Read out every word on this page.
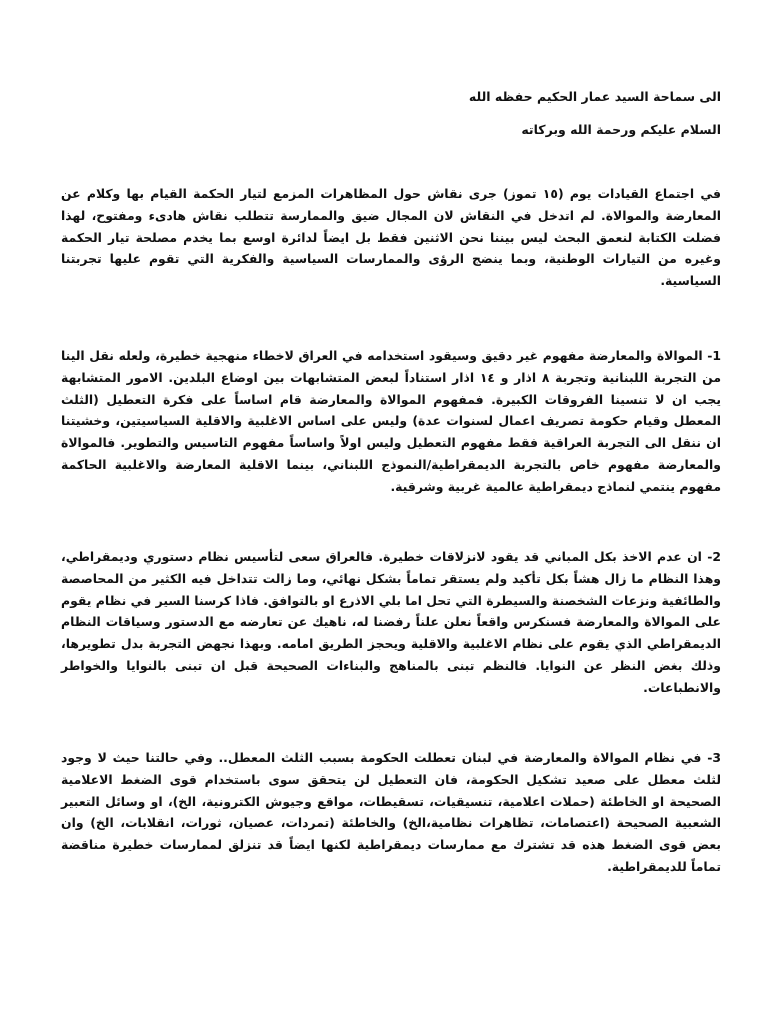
الى سماحة السيد عمار الحكيم حفظه الله
السلام عليكم ورحمة الله وبركاته

في اجتماع القيادات يوم (١٥ تموز) جرى نقاش حول المظاهرات المزمع لتيار الحكمة القيام بها وكلام عن المعارضة والموالاة. لم اتدخل في النقاش لان المجال ضيق والممارسة تتطلب نقاش هادىء ومفتوح، لهذا فضلت الكتابة لنعمق البحث ليس بيننا نحن الاثنين فقط بل ايضاً لدائرة اوسع بما يخدم مصلحة تيار الحكمة وغيره من التيارات الوطنية، وبما ينضج الرؤى والممارسات السياسية والفكرية التي تقوم عليها تجربتنا السياسية.

1- الموالاة والمعارضة مفهوم غير دقيق وسيقود استخدامه في العراق لاخطاء منهجية خطيرة، ولعله نقل الينا من التجربة اللبنانية وتجربة ٨ اذار و ١٤ اذار استناداً لبعض المتشابهات بين اوضاع البلدين. الامور المتشابهة يجب ان لا تنسينا الفروقات الكبيرة. فمفهوم الموالاة والمعارضة قام اساساً على فكرة التعطيل (الثلث المعطل وقيام حكومة تصريف اعمال لسنوات عدة) وليس على اساس الاغلبية والاقلية السياسيتين، وخشيتنا ان ننقل الى التجربة العراقية فقط مفهوم التعطيل وليس اولاً واساساً مفهوم التاسيس والتطوير. فالموالاة والمعارضة مفهوم خاص بالتجربة الديمقراطية/النموذج اللبناني، بينما الاقلية المعارضة والاغلبية الحاكمة مفهوم ينتمي لنماذج ديمقراطية عالمية غربية وشرقية.

2- ان عدم الاخذ بكل المباني قد يقود لانزلاقات خطيرة. فالعراق سعى لتأسيس نظام دستوري وديمقراطي، وهذا النظام ما زال هشاً بكل تأكيد ولم يستقر تماماً بشكل نهائي، وما زالت تتداخل فيه الكثير من المحاصصة والطائفية ونزعات الشخصنة والسيطرة التي تحل اما بلي الاذرع او بالتوافق. فاذا كرسنا السير في نظام يقوم على الموالاة والمعارضة فسنكرس واقعاً نعلن علناً رفضنا له، ناهيك عن تعارضه مع الدستور وسياقات النظام الديمقراطي الذي يقوم على نظام الاغلبية والاقلية ويحجز الطريق امامه. وبهذا نجهض التجربة بدل تطويرها، وذلك بغض النظر عن النوايا. فالنظم تبنى بالمناهج والبناءات الصحيحة قبل ان تبنى بالنوايا والخواطر والانطباعات.

3- في نظام الموالاة والمعارضة في لبنان تعطلت الحكومة بسبب الثلث المعطل.. وفي حالتنا حيث لا وجود لثلث معطل على صعيد تشكيل الحكومة، فان التعطيل لن يتحقق سوى باستخدام قوى الضغط الاعلامية الصحيحة او الخاطئة (حملات اعلامية، تنسيقيات، تسقيطات، مواقع وجيوش الكترونية، الخ)، او وسائل التعبير الشعبية الصحيحة (اعتصامات، تظاهرات نظامية،الخ) والخاطئة (تمردات، عصيان، ثورات، انقلابات، الخ) وان بعض قوى الضغط هذه قد تشترك مع ممارسات ديمقراطية لكنها ايضاً قد تنزلق لممارسات خطيرة مناقضة تماماً للديمقراطية.
